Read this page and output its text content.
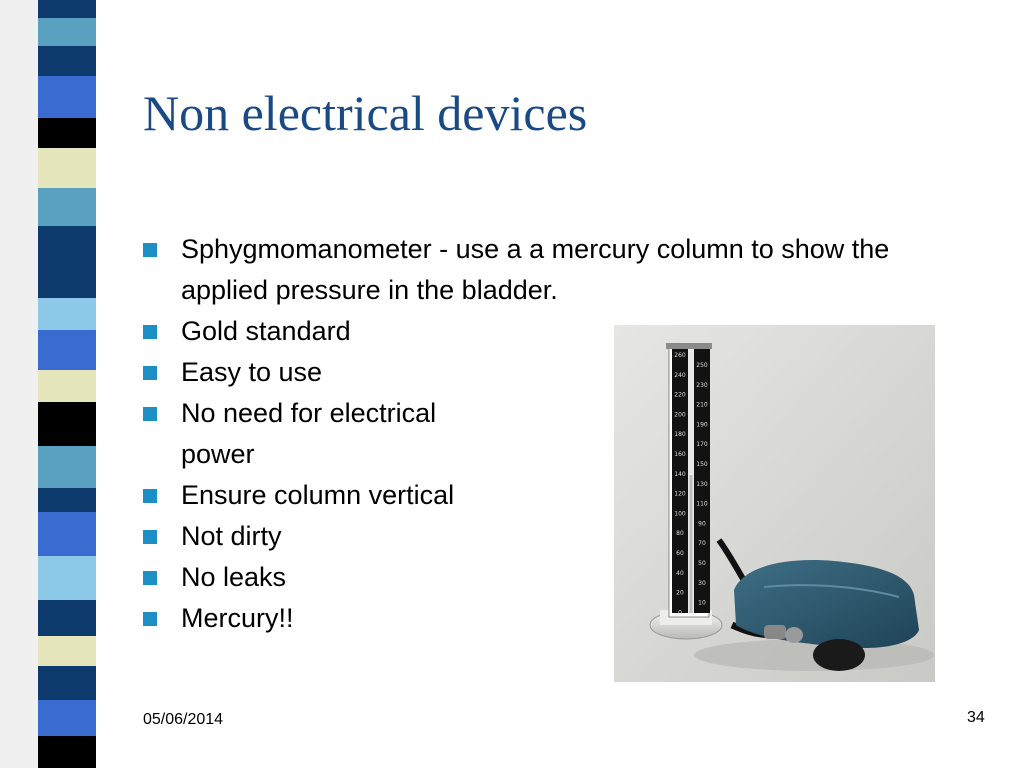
Non electrical devices
Sphygmomanometer - use a a mercury column to show the applied pressure in the bladder.
Gold standard
Easy to use
No need for electrical power
Ensure column vertical
Not dirty
No leaks
Mercury!!
260
240
220
200
180
160
140
120
100
80
60
40
20
0
250
230
210
190
170
150
130
110
90
70
50
30
10
05/06/2014	34
